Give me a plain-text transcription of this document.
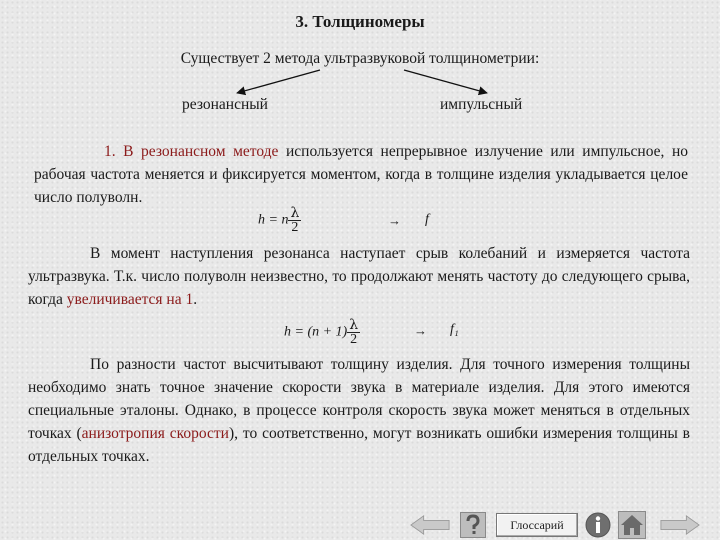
3. Толщиномеры
Существует 2 метода ультразвуковой толщинометрии:
резонансный	импульсный
1. В резонансном методе используется непрерывное излучение или импульсное, но рабочая частота меняется и фиксируется моментом, когда в толщине изделия укладывается целое число полуволн.
h = n $\frac{\lambda}{2}$	→ f
В момент наступления резонанса наступает срыв колебаний и измеряется частота ультразвука. Т.к. число полуволн неизвестно, то продолжают менять частоту до следующего срыва, когда увеличивается на 1.
$h = (n + 1) \frac{\lambda}{2}$	→ f₁
По разности частот высчитывают толщину изделия. Для точного измерения толщины необходимо знать точное значение скорости звука в материале изделия. Для этого имеются специальные эталоны. Однако, в процессе контроля скорость звука может меняться в отдельных точках (анизотропия скорости), то соответственно, могут возникать ошибки измерения толщины в отдельных точках.
Глоссарий
